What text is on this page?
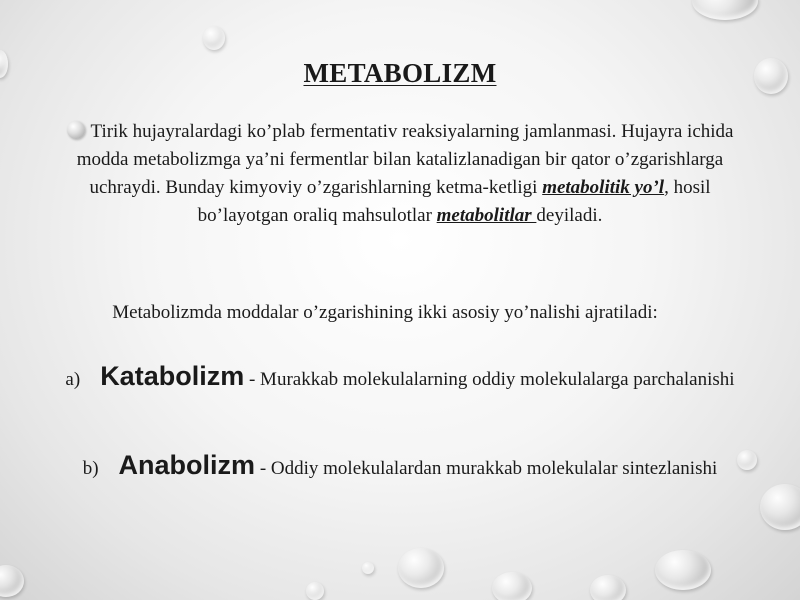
METABOLIZM
Tirik hujayralardagi ko’plab fermentativ reaksiyalarning jamlanmasi. Hujayra ichida modda metabolizmga ya’ni fermentlar bilan katalizlanadigan bir qator o’zgarishlarga uchraydi. Bunday kimyoviy o’zgarishlarning ketma-ketligi metabolitik yo’l, hosil bo’layotgan oraliq mahsulotlar metabolitlar deyiladi.
Metabolizmda moddalar o’zgarishining ikki asosiy yo’nalishi ajratiladi:
a) Katabolizm - Murakkab molekulalarning oddiy molekulalarga parchalanishi
b) Anabolizm - Oddiy molekulalardan murakkab molekulalar sintezlanishi
